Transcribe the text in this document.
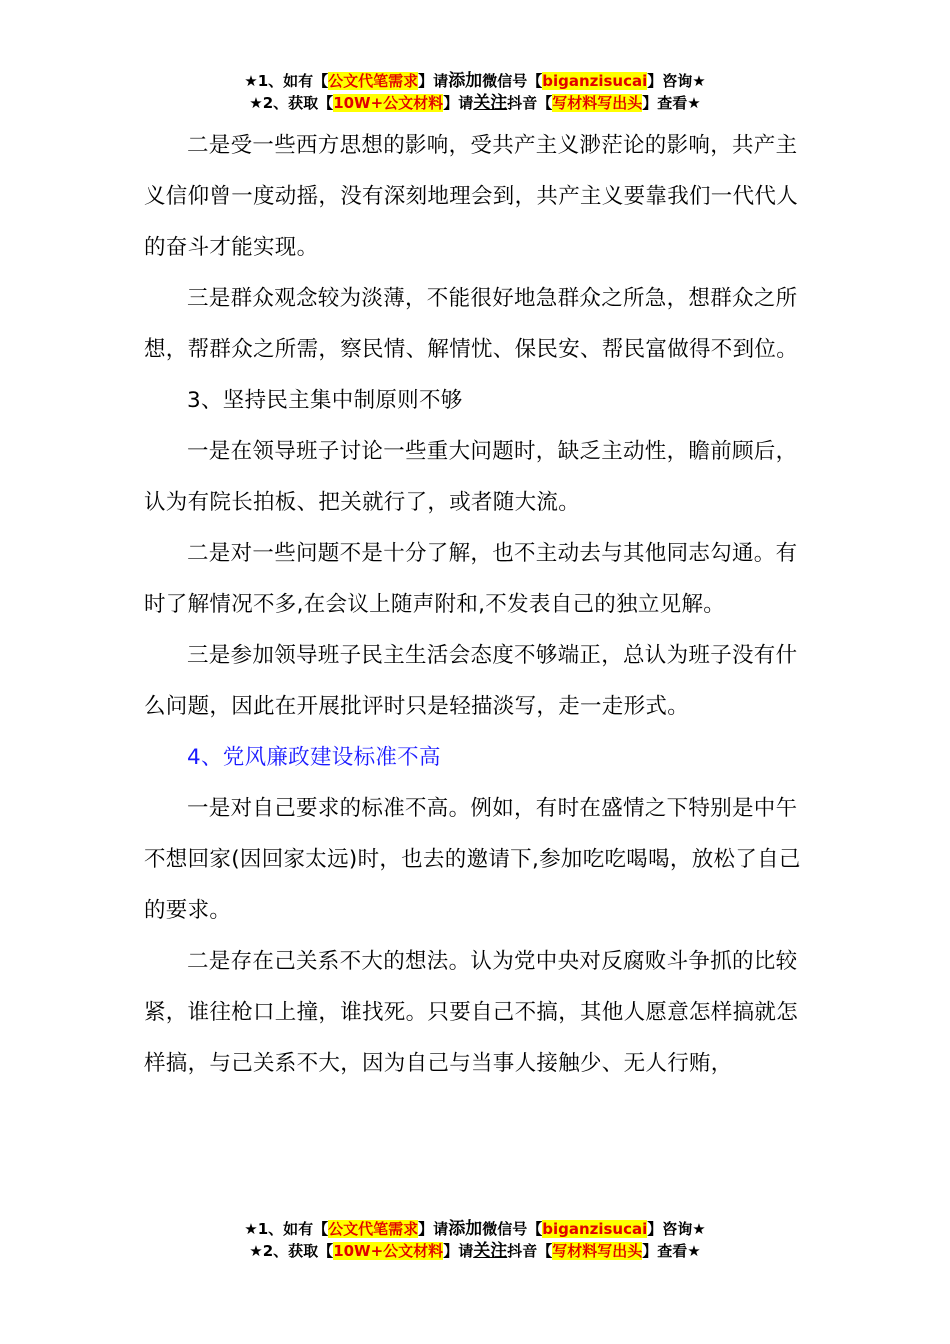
★1、如有【公文代笔需求】请添加微信号【biganzisucai】咨询★
★2、获取【10W+公文材料】请关注抖音【写材料写出头】查看★

二是受一些西方思想的影响，受共产主义渺茫论的影响，共产主义信仰曾一度动摇，没有深刻地理会到，共产主义要靠我们一代代人的奋斗才能实现。

三是群众观念较为淡薄，不能很好地急群众之所急，想群众之所想，帮群众之所需，察民情、解情忧、保民安、帮民富做得不到位。

3、坚持民主集中制原则不够

一是在领导班子讨论一些重大问题时，缺乏主动性，瞻前顾后，认为有院长拍板、把关就行了，或者随大流。

二是对一些问题不是十分了解，也不主动去与其他同志勾通。有时了解情况不多,在会议上随声附和,不发表自己的独立见解。

三是参加领导班子民主生活会态度不够端正，总认为班子没有什么问题，因此在开展批评时只是轻描淡写，走一走形式。

4、党风廉政建设标准不高

一是对自己要求的标准不高。例如，有时在盛情之下特别是中午不想回家(因回家太远)时，也去的邀请下,参加吃吃喝喝，放松了自己的要求。

二是存在己关系不大的想法。认为党中央对反腐败斗争抓的比较紧，谁往枪口上撞，谁找死。只要自己不搞，其他人愿意怎样搞就怎样搞，与己关系不大，因为自己与当事人接触少、无人行贿，

★1、如有【公文代笔需求】请添加微信号【biganzisucai】咨询★
★2、获取【10W+公文材料】请关注抖音【写材料写出头】查看★
